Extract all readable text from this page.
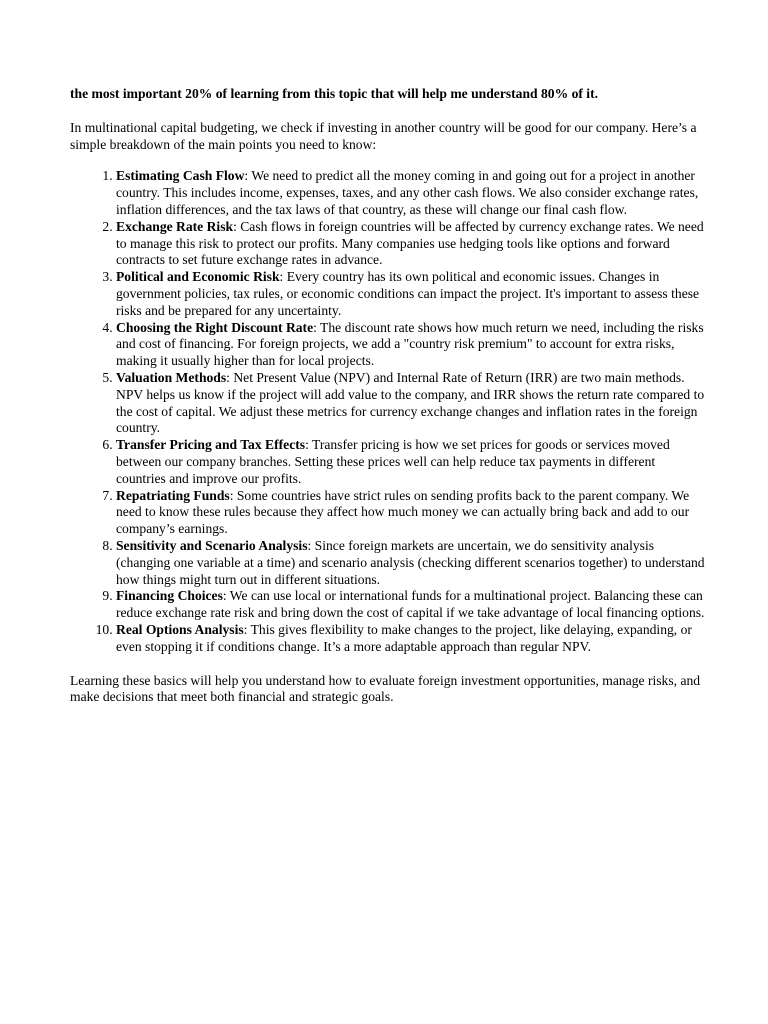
the most important 20% of learning from this topic that will help me understand 80% of it.

In multinational capital budgeting, we check if investing in another country will be good for our company. Here’s a simple breakdown of the main points you need to know:

1. Estimating Cash Flow: We need to predict all the money coming in and going out for a project in another country. This includes income, expenses, taxes, and any other cash flows. We also consider exchange rates, inflation differences, and the tax laws of that country, as these will change our final cash flow.
2. Exchange Rate Risk: Cash flows in foreign countries will be affected by currency exchange rates. We need to manage this risk to protect our profits. Many companies use hedging tools like options and forward contracts to set future exchange rates in advance.
3. Political and Economic Risk: Every country has its own political and economic issues. Changes in government policies, tax rules, or economic conditions can impact the project. It's important to assess these risks and be prepared for any uncertainty.
4. Choosing the Right Discount Rate: The discount rate shows how much return we need, including the risks and cost of financing. For foreign projects, we add a "country risk premium" to account for extra risks, making it usually higher than for local projects.
5. Valuation Methods: Net Present Value (NPV) and Internal Rate of Return (IRR) are two main methods. NPV helps us know if the project will add value to the company, and IRR shows the return rate compared to the cost of capital. We adjust these metrics for currency exchange changes and inflation rates in the foreign country.
6. Transfer Pricing and Tax Effects: Transfer pricing is how we set prices for goods or services moved between our company branches. Setting these prices well can help reduce tax payments in different countries and improve our profits.
7. Repatriating Funds: Some countries have strict rules on sending profits back to the parent company. We need to know these rules because they affect how much money we can actually bring back and add to our company’s earnings.
8. Sensitivity and Scenario Analysis: Since foreign markets are uncertain, we do sensitivity analysis (changing one variable at a time) and scenario analysis (checking different scenarios together) to understand how things might turn out in different situations.
9. Financing Choices: We can use local or international funds for a multinational project. Balancing these can reduce exchange rate risk and bring down the cost of capital if we take advantage of local financing options.
10. Real Options Analysis: This gives flexibility to make changes to the project, like delaying, expanding, or even stopping it if conditions change. It’s a more adaptable approach than regular NPV.

Learning these basics will help you understand how to evaluate foreign investment opportunities, manage risks, and make decisions that meet both financial and strategic goals.
